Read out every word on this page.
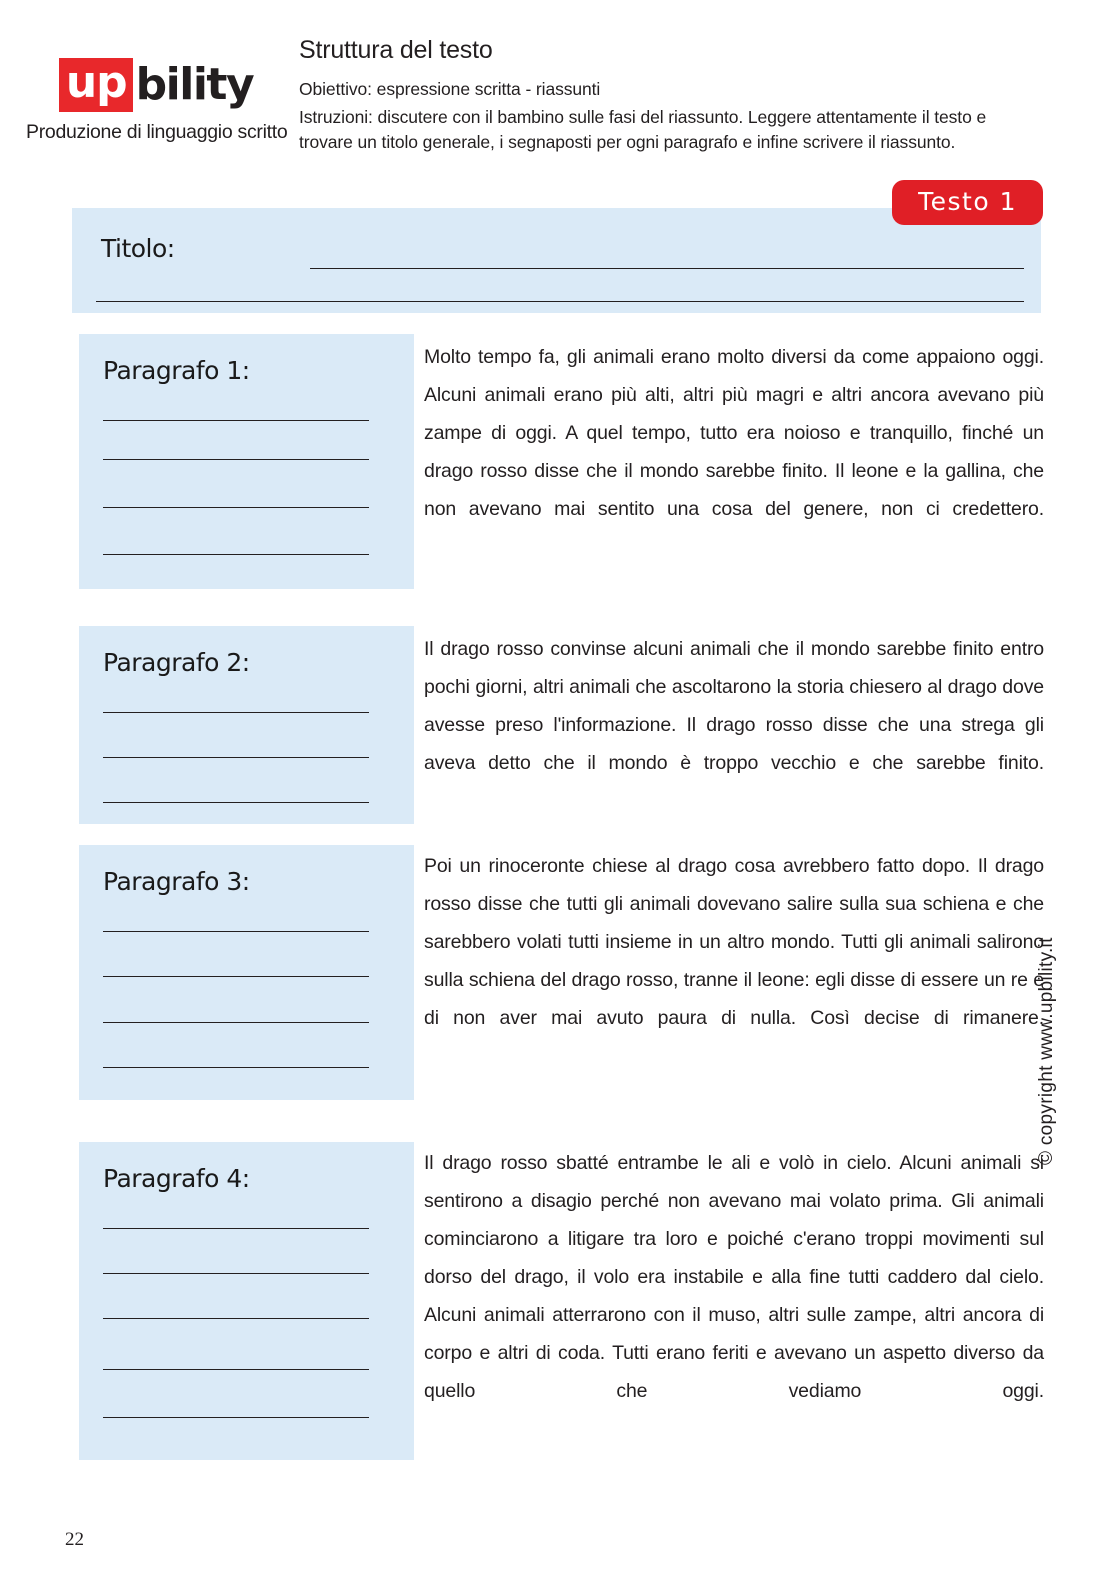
up bility
Produzione di linguaggio scritto
Struttura del testo
Obiettivo: espressione scritta - riassunti
Istruzioni: discutere con il bambino sulle fasi del riassunto. Leggere attentamente il testo e trovare un titolo generale, i segnaposti per ogni paragrafo e infine scrivere il riassunto.
Testo 1
Titolo:
Paragrafo 1:	Molto tempo fa, gli animali erano molto diversi da come appaiono oggi. Alcuni animali erano più alti, altri più magri e altri ancora avevano più zampe di oggi. A quel tempo, tutto era noioso e tranquillo, finché un drago rosso disse che il mondo sarebbe finito. Il leone e la gallina, che non avevano mai sentito una cosa del genere, non ci credettero.
Paragrafo 2:	Il drago rosso convinse alcuni animali che il mondo sarebbe finito entro pochi giorni, altri animali che ascoltarono la storia chiesero al drago dove avesse preso l'informazione. Il drago rosso disse che una strega gli aveva detto che il mondo è troppo vecchio e che sarebbe finito.
Paragrafo 3:
Poi un rinoceronte chiese al drago cosa avrebbero fatto dopo. Il drago rosso disse che tutti gli animali dovevano salire sulla sua schiena e che sarebbero volati tutti insieme in un altro mondo. Tutti gli animali salirono sulla schiena del drago rosso, tranne il leone: egli disse di essere un re e di non aver mai avuto paura di nulla. Così decise di rimanere.
Paragrafo 4:
Il drago rosso sbatté entrambe le ali e volò in cielo. Alcuni animali si sentirono a disagio perché non avevano mai volato prima. Gli animali cominciarono a litigare tra loro e poiché c'erano troppi movimenti sul dorso del drago, il volo era instabile e alla fine tutti caddero dal cielo. Alcuni animali atterrarono con il muso, altri sulle zampe, altri ancora di corpo e altri di coda. Tutti erano feriti e avevano un aspetto diverso da quello che vediamo oggi.
© copyright www.upbility.it
22
